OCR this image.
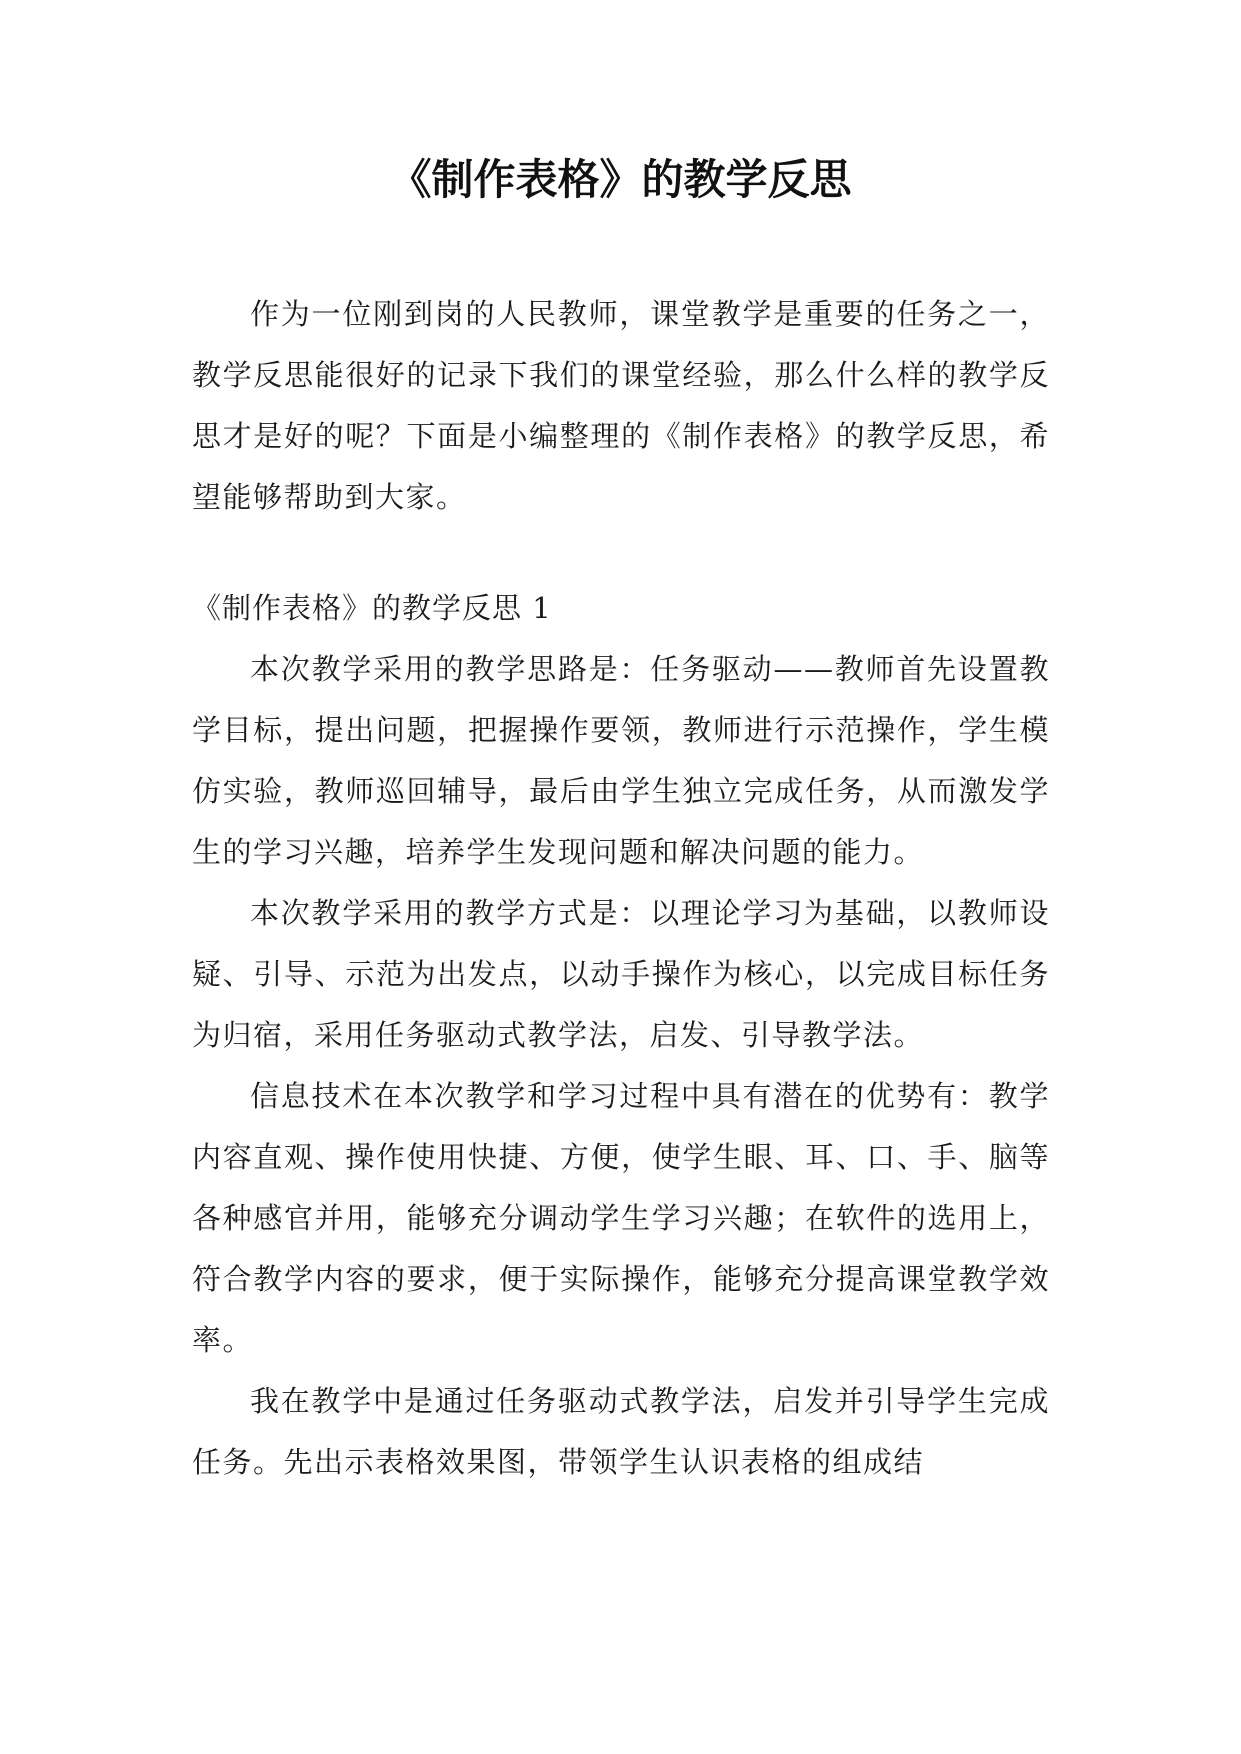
《制作表格》的教学反思

作为一位刚到岗的人民教师，课堂教学是重要的任务之一，教学反思能很好的记录下我们的课堂经验，那么什么样的教学反思才是好的呢？下面是小编整理的《制作表格》的教学反思，希望能够帮助到大家。

《制作表格》的教学反思 1

本次教学采用的教学思路是：任务驱动——教师首先设置教学目标，提出问题，把握操作要领，教师进行示范操作，学生模仿实验，教师巡回辅导，最后由学生独立完成任务，从而激发学生的学习兴趣，培养学生发现问题和解决问题的能力。

本次教学采用的教学方式是：以理论学习为基础，以教师设疑、引导、示范为出发点，以动手操作为核心，以完成目标任务为归宿，采用任务驱动式教学法，启发、引导教学法。

信息技术在本次教学和学习过程中具有潜在的优势有：教学内容直观、操作使用快捷、方便，使学生眼、耳、口、手、脑等各种感官并用，能够充分调动学生学习兴趣；在软件的选用上，符合教学内容的要求，便于实际操作，能够充分提高课堂教学效率。

我在教学中是通过任务驱动式教学法，启发并引导学生完成任务。先出示表格效果图，带领学生认识表格的组成结
